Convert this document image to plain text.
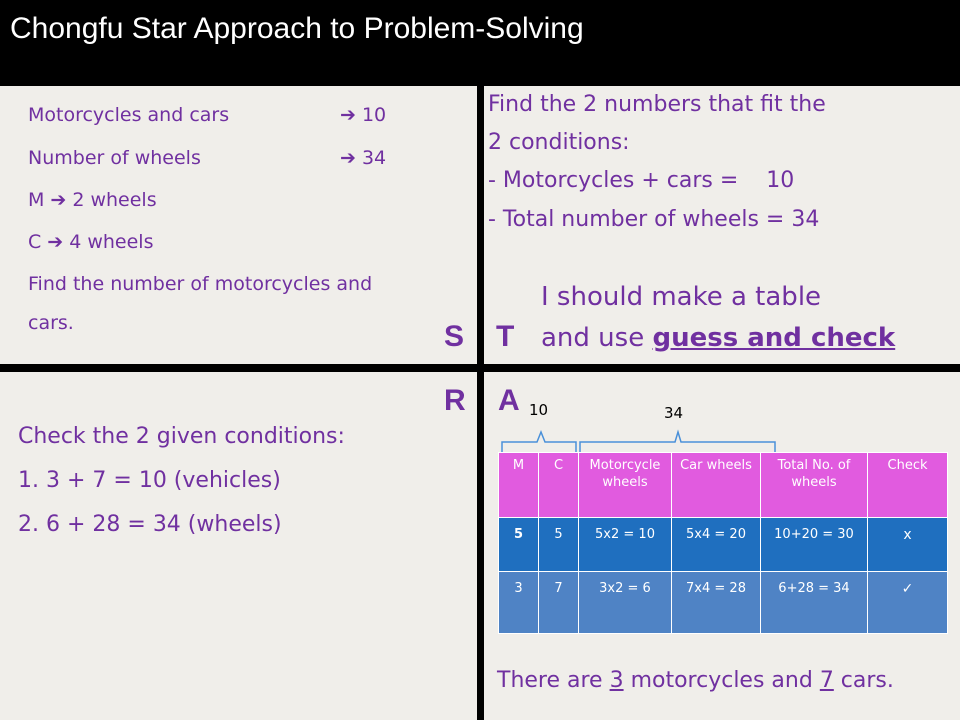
Chongfu Star Approach to Problem-Solving
Motorcycles and cars	➔ 10
Number of wheels	➔ 34
M ➔ 2 wheels
C ➔ 4 wheels
Find the number of motorcycles and
cars.	S
Find the 2 numbers that fit the
2 conditions:
- Motorcycles + cars =    10
- Total number of wheels = 34
T
I should make a table
and use guess and check
R
Check the 2 given conditions:
1. 3 + 7 = 10 (vehicles)
2. 6 + 28 = 34 (wheels)
A 10	34
M	C	Motorcycle wheels	Car wheels	Total No. of wheels	Check
5	5	5x2 = 10	5x4 = 20	10+20 = 30	x
3	7	3x2 = 6	7x4 = 28	6+28 = 34	✓
There are 3 motorcycles and 7 cars.
